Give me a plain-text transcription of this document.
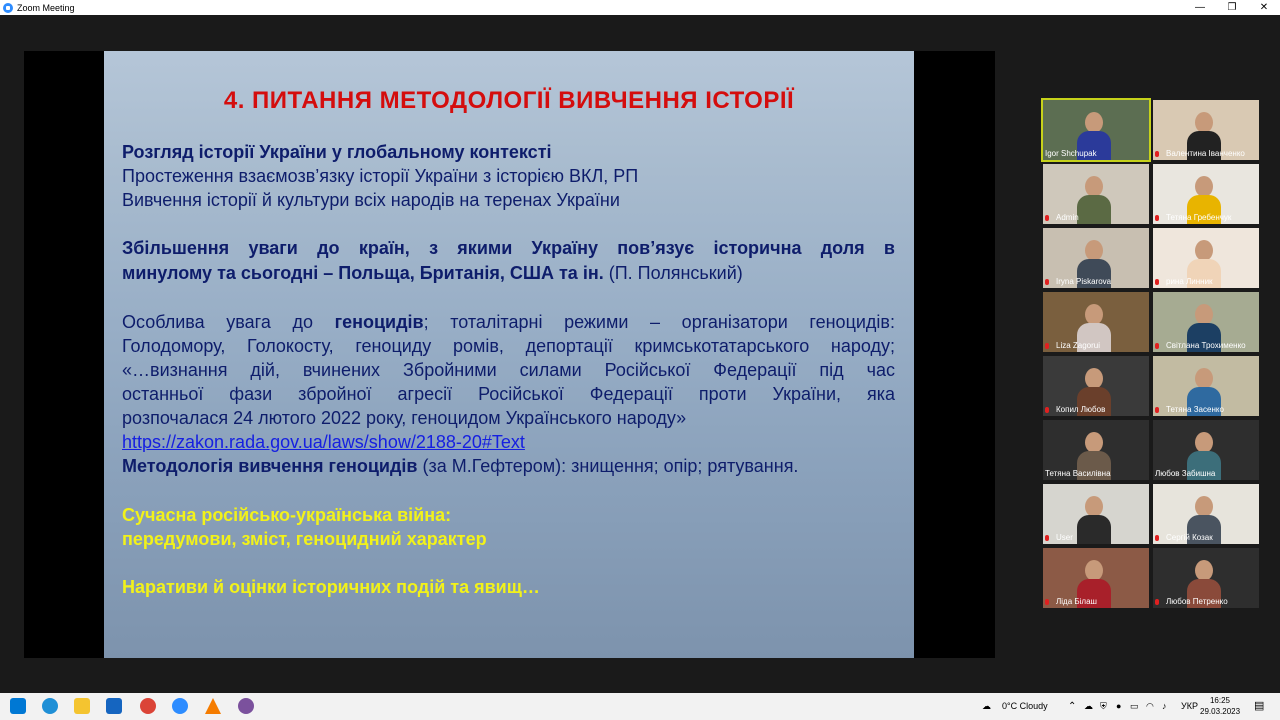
Zoom Meeting	—	❐	✕
4. ПИТАННЯ МЕТОДОЛОГІЇ ВИВЧЕННЯ ІСТОРІЇ
Розгляд історії України у глобальному контексті
Простеження взаємозв’язку історії України з історією ВКЛ, РП
Вивчення історії й культури всіх народів на теренах України
Збільшення уваги до країн, з якими Україну пов’язує історична доля в
минулому та сьогодні – Польща, Британія, США та ін. (П. Полянський)
Особлива увага до геноцидів; тоталітарні режими – організатори геноцидів:
Голодомору, Голокосту, геноциду ромів, депортації кримськотатарського народу;
«…визнання дій, вчинених Збройними силами Російської Федерації під час
останньої фази збройної агресії Російської Федерації проти України, яка
розпочалася 24 лютого 2022 року, геноцидом Українського народу»
https://zakon.rada.gov.ua/laws/show/2188-20#Text
Методологія вивчення геноцидів (за М.Гефтером): знищення; опір; рятування.
Сучасна російсько-українська війна:
передумови, зміст, геноцидний характер
Наративи й оцінки історичних подій та явищ…
Igor Shchupak	Валентина Іванченко
Admin	Тетяна Гребенчук
Iryna Piskarova	рина Линник
Liza Zagorui	Світлана Трохименко
Копил Любов	Тетяна Засенко
Тетяна Василівна	Любов Забишна
User	Сергій Козак
Ліда Білаш	Любов Петренко
☁ 0°C Cloudy ⌃ ☁ ⛨ ● ▭ ◠ ♪ УКР
16:25
29.03.2023 ▤
